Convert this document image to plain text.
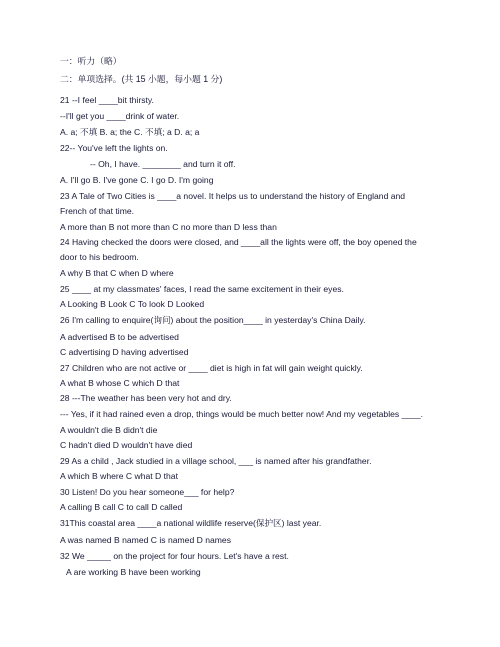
一：听力（略）
二：单项选择。(共 15 小题，每小题 1 分)
21 --I feel ____bit thirsty.
--I'll get you ____drink of water.
A. a; 不填 B. a; the C. 不填; a D. a; a
22-- You've left the lights on.
-- Oh, I have. ________ and turn it off.
A. I'll go B. I've gone C. I go D. I'm going
23 A Tale of Two Cities is ____a novel. It helps us to understand the history of England and
French of that time.
A more than B not more than C no more than D less than
24 Having checked the doors were closed, and ____all the lights were off, the boy opened the
door to his bedroom.
A why B that C when D where
25 ____ at my classmates' faces, I read the same excitement in their eyes.
A Looking B Look C To look D Looked
26 I'm calling to enquire(询问) about the position____ in yesterday's China Daily.
A advertised B to be advertised
C advertising D having advertised
27 Children who are not active or ____ diet is high in fat will gain weight quickly.
A what B whose C which D that
28 ---The weather has been very hot and dry.
--- Yes, if it had rained even a drop, things would be much better now! And my vegetables ____.
A wouldn't die B didn't die
C hadn't died D wouldn't have died
29 As a child , Jack studied in a village school, ___ is named after his grandfather.
A which B where C what D that
30 Listen! Do you hear someone___ for help?
A calling B call C to call D called
31This coastal area ____a national wildlife reserve(保护区) last year.
A was named B named C is named D names
32 We _____ on the project for four hours. Let's have a rest.
A are working B have been working
